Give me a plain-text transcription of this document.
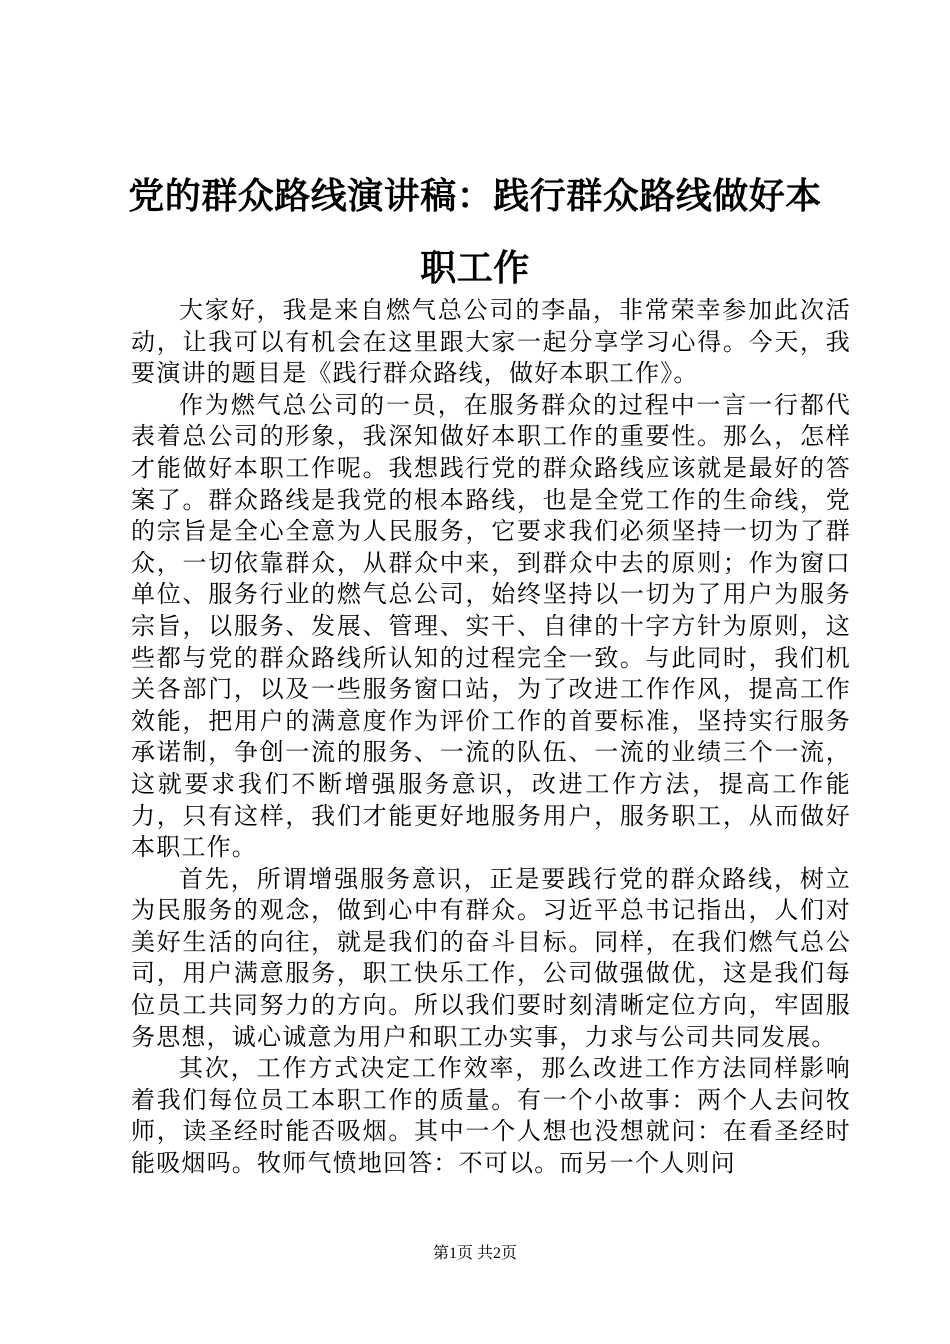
党的群众路线演讲稿：践行群众路线做好本职工作

大家好，我是来自燃气总公司的李晶，非常荣幸参加此次活动，让我可以有机会在这里跟大家一起分享学习心得。今天，我要演讲的题目是《践行群众路线，做好本职工作》。

作为燃气总公司的一员，在服务群众的过程中一言一行都代表着总公司的形象，我深知做好本职工作的重要性。那么，怎样才能做好本职工作呢。我想践行党的群众路线应该就是最好的答案了。群众路线是我党的根本路线，也是全党工作的生命线，党的宗旨是全心全意为人民服务，它要求我们必须坚持一切为了群众，一切依靠群众，从群众中来，到群众中去的原则；作为窗口单位、服务行业的燃气总公司，始终坚持以一切为了用户为服务宗旨，以服务、发展、管理、实干、自律的十字方针为原则，这些都与党的群众路线所认知的过程完全一致。与此同时，我们机关各部门，以及一些服务窗口站，为了改进工作作风，提高工作效能，把用户的满意度作为评价工作的首要标准，坚持实行服务承诺制，争创一流的服务、一流的队伍、一流的业绩三个一流，这就要求我们不断增强服务意识，改进工作方法，提高工作能力，只有这样，我们才能更好地服务用户，服务职工，从而做好本职工作。

首先，所谓增强服务意识，正是要践行党的群众路线，树立为民服务的观念，做到心中有群众。习近平总书记指出，人们对美好生活的向往，就是我们的奋斗目标。同样，在我们燃气总公司，用户满意服务，职工快乐工作，公司做强做优，这是我们每位员工共同努力的方向。所以我们要时刻清晰定位方向，牢固服务思想，诚心诚意为用户和职工办实事，力求与公司共同发展。

其次，工作方式决定工作效率，那么改进工作方法同样影响着我们每位员工本职工作的质量。有一个小故事：两个人去问牧师，读圣经时能否吸烟。其中一个人想也没想就问：在看圣经时能吸烟吗。牧师气愤地回答：不可以。而另一个人则问

第1页 共2页
